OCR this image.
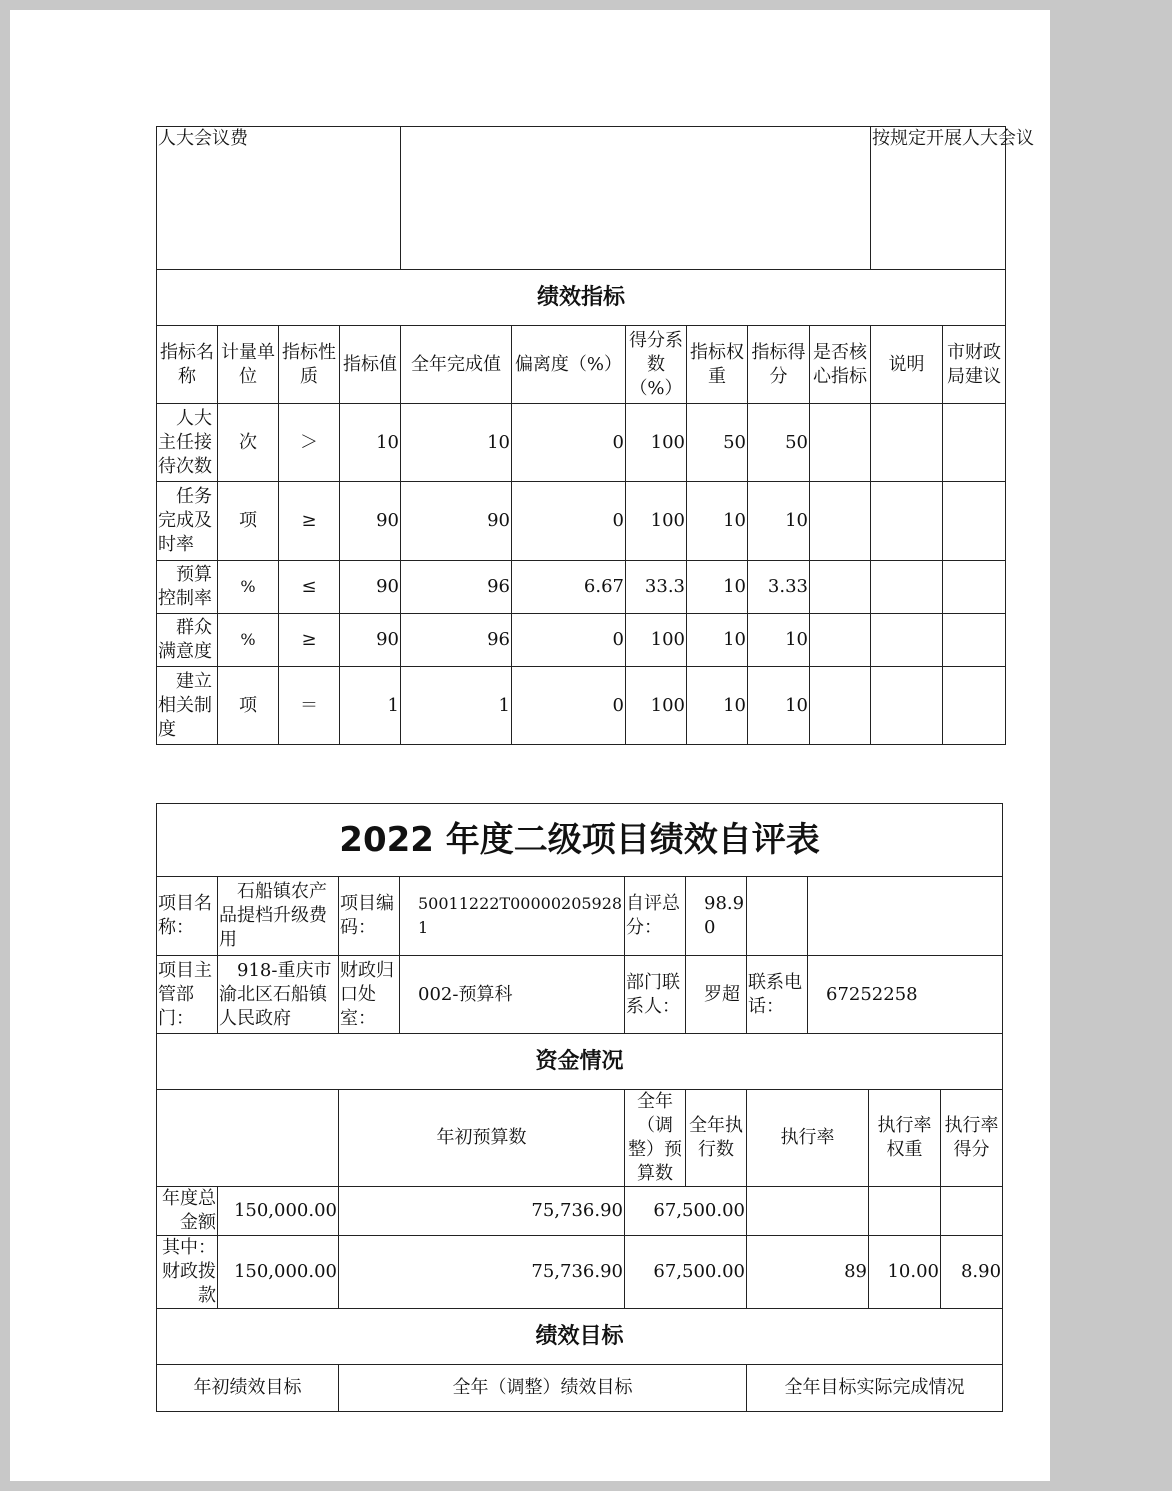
人大会议费										按规定开展人大会议	

绩效指标											
指标名称	计量单位	指标性质	指标值	全年完成值	偏离度（%）	得分系数（%）	指标权重	指标得分	是否核心指标	说明	市财政局建议
人大主任接待次数	次	＞	10	10	0	100	50	50			
任务完成及时率	项	≥	90	90	0	100	10	10			
预算控制率	%	≤	90	96	6.67	33.3	10	3.33			
群众满意度	%	≥	90	96	0	100	10	10			
建立相关制度	项	＝	1	1	0	100	10	10			
2022 年度二级项目绩效自评表									
项目名称：	石船镇农产品提档升级费用	项目编码：	50011222T000002059281	自评总分：	98.90				
项目主管部门：	918-重庆市渝北区石船镇人民政府	财政归口处室：	002-预算科	部门联系人：	罗超	联系电话：	67252258		
资金情况									
		年初预算数		全年（调整）预算数	全年执行数	执行率		执行率权重	执行率得分
年度总金额	150,000.00	75,736.90		67,500.00					
其中：财政拨款	150,000.00	75,736.90		67,500.00		89		10.00	8.90
绩效目标									
年初绩效目标		全年（调整）绩效目标				全年目标实际完成情况			
